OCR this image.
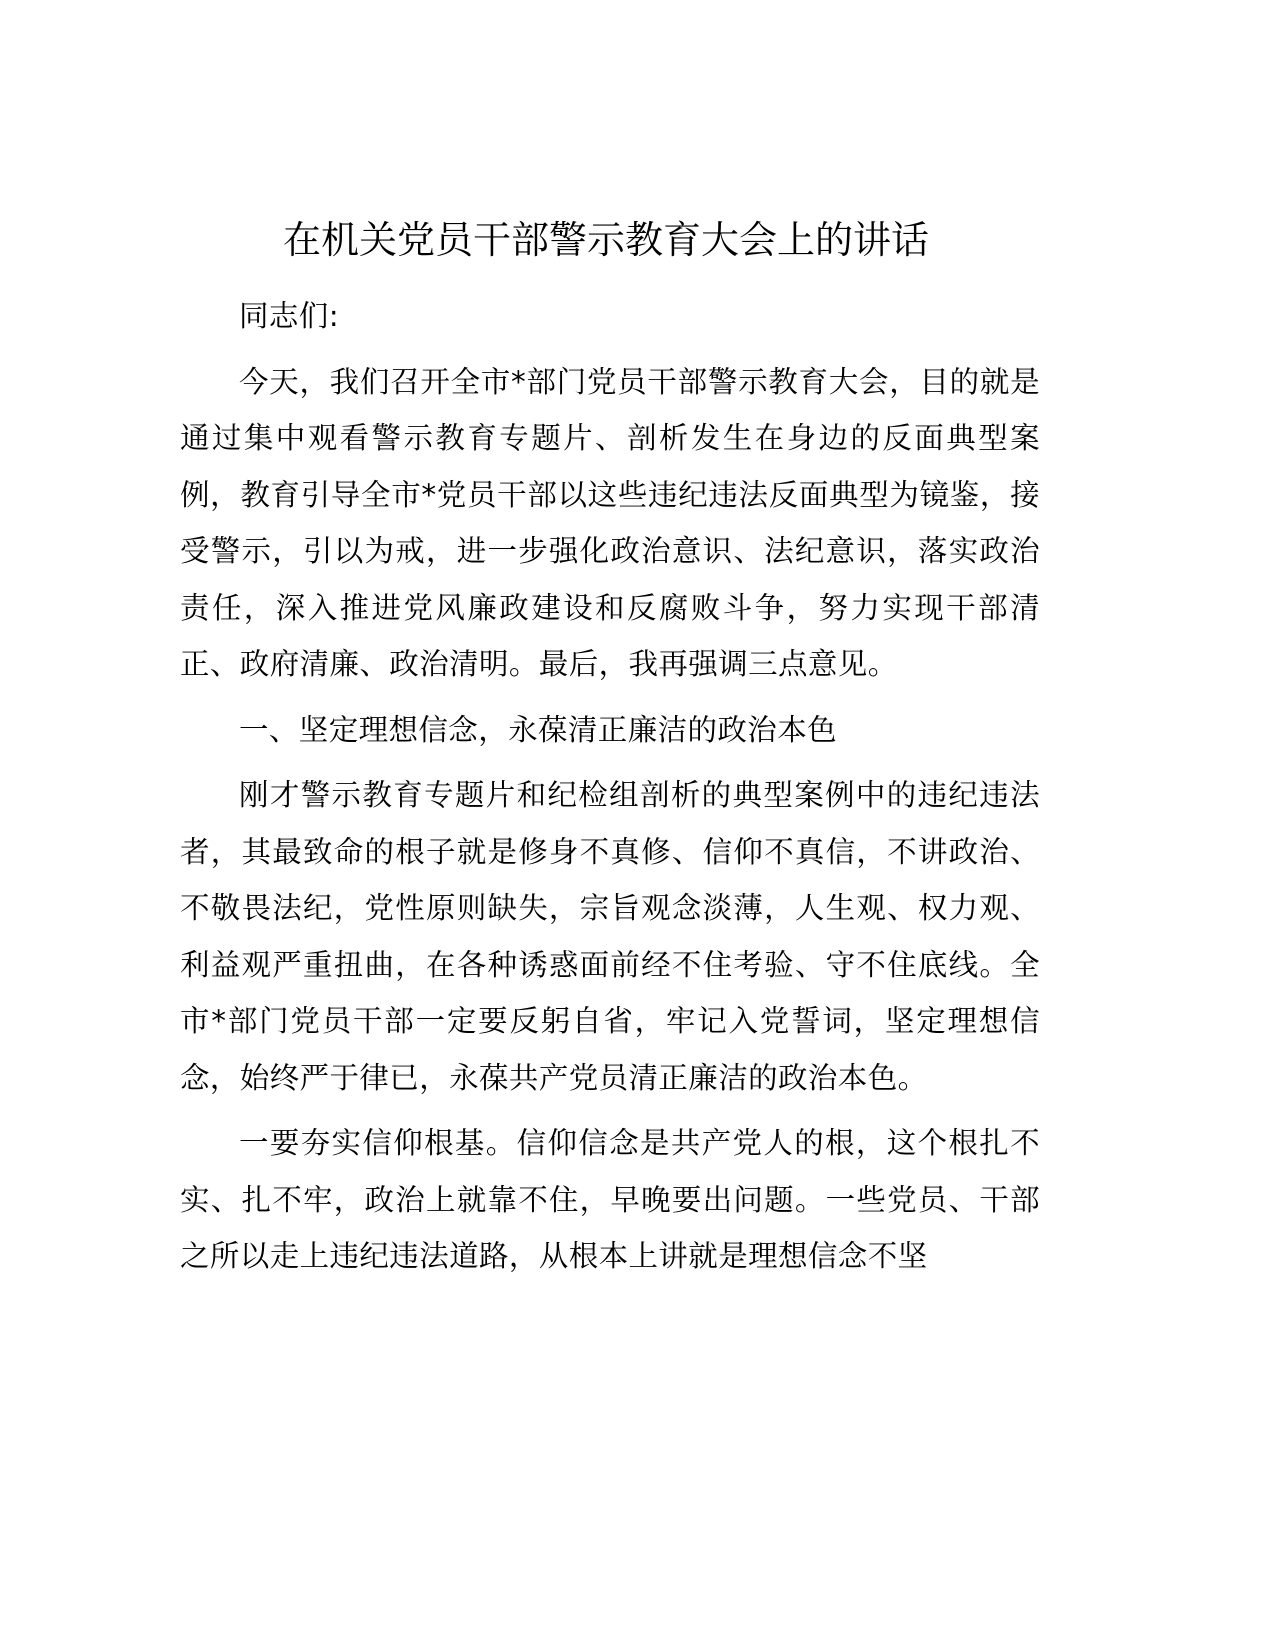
在机关党员干部警示教育大会上的讲话

同志们:

今天，我们召开全市*部门党员干部警示教育大会，目的就是通过集中观看警示教育专题片、剖析发生在身边的反面典型案例，教育引导全市*党员干部以这些违纪违法反面典型为镜鉴，接受警示，引以为戒，进一步强化政治意识、法纪意识，落实政治责任，深入推进党风廉政建设和反腐败斗争，努力实现干部清正、政府清廉、政治清明。最后，我再强调三点意见。

一、坚定理想信念，永葆清正廉洁的政治本色

刚才警示教育专题片和纪检组剖析的典型案例中的违纪违法者，其最致命的根子就是修身不真修、信仰不真信，不讲政治、不敬畏法纪，党性原则缺失，宗旨观念淡薄，人生观、权力观、利益观严重扭曲，在各种诱惑面前经不住考验、守不住底线。全市*部门党员干部一定要反躬自省，牢记入党誓词，坚定理想信念，始终严于律已，永葆共产党员清正廉洁的政治本色。

一要夯实信仰根基。信仰信念是共产党人的根，这个根扎不实、扎不牢，政治上就靠不住，早晚要出问题。一些党员、干部之所以走上违纪违法道路，从根本上讲就是理想信念不坚
